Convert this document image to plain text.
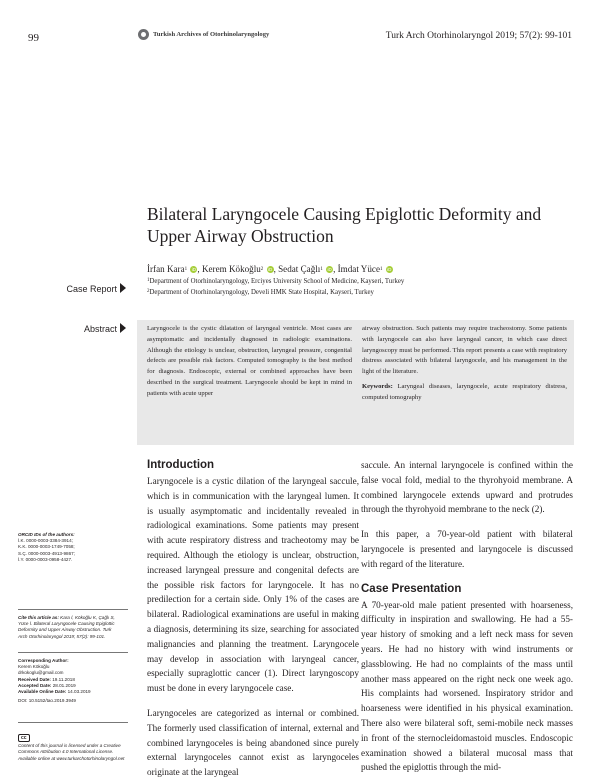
99	Turkish Archives of Otorhinolaryngology	Turk Arch Otorhinolaryngol 2019; 57(2): 99-101
Bilateral Laryngocele Causing Epiglottic Deformity and Upper Airway Obstruction
İrfan Kara$^1$ iD, Kerem Kökoğlu$^2$ iD, Sedat Çağlı$^1$ iD, İmdat Yüce$^1$ iD
$^1$Department of Otorhinolaryngology, Erciyes University School of Medicine, Kayseri, Turkey
$^2$Department of Otorhinolaryngology, Develi HMK State Hospital, Kayseri, Turkey
Case Report
Abstract	Laryngocele is the cystic dilatation of laryngeal ventricle. Most cases are asymptomatic and incidentally diagnosed in radiologic examinations. Although the etiology is unclear, obstruction, laryngeal pressure, congenital defects are possible risk factors. Computed tomography is the best method for diagnosis. Endoscopic, external or combined approaches have been described in the surgical treatment. Laryngocele should be kept in mind in patients with acute upper
airway obstruction. Such patients may require tracheostomy. Some patients with laryngocele can also have laryngeal cancer, in which case direct laryngoscopy must be performed. This report presents a case with respiratory distress associated with bilateral laryngocele, and his management in the light of the literature.
Keywords: Laryngeal diseases, laryngocele, acute respiratory distress, computed tomography

ORCID IDs of the authors:

İ.K. 0000-0003-3384-3914;

K.K. 0000-0003-1749-7058;

S.Ç. 0000-0003-4913-9867;

İ.Y. 0000-0003-0958-4427.

Cite this article as: Kara İ, Kökoğlu K, Çağlı S,

Yüce İ. Bilateral Laryngocele Causing Epiglottic

Deformity and Upper Airway Obstruction. Turk

Arch Otorhinolaryngol 2019; 57(2): 99-101.

Corresponding Author:

Kerem Kökoğlu

drkokoglu@gmail.com

Received Date: 19.11.2018

Accepted Date: 28.01.2019

Available Online Date: 14.03.2019

DOI: 10.5152/tao.2019.3949

cc

Content of this journal is licensed under a Creative

Commons Attribution 4.0 International License.

Available online at www.turkarchotorhinolaryngol.net

Introduction

Laryngocele is a cystic dilation of the laryngeal saccule, which is in communication with the laryngeal lumen. It is usually asymptomatic and incidentally revealed in radiological examinations. Some patients may present with acute respiratory distress and tracheotomy may be required. Although the etiology is unclear, obstruction, increased laryngeal pressure and congenital defects are the possible risk factors for laryngocele. It has no predilection for a certain side. Only 1% of the cases are bilateral. Radiological examinations are useful in making a diagnosis, determining its size, searching for associated malignancies and planning the treatment. Laryngocele may develop in association with laryngeal cancer, especially supraglottic cancer (1). Direct laryngoscopy must be done in every laryngocele case.

Laryngoceles are categorized as internal or combined. The formerly used classification of internal, external and combined laryngoceles is being abandoned since purely external laryngoceles cannot exist as laryngoceles originate at the laryngeal

saccule. An internal laryngocele is confined within the false vocal fold, medial to the thyrohyoid membrane. A combined laryngocele extends upward and protrudes through the thyrohyoid membrane to the neck (2).

In this paper, a 70-year-old patient with bilateral laryngocele is presented and laryngocele is discussed with regard of the literature.

Case Presentation

A 70-year-old male patient presented with hoarseness, difficulty in inspiration and swallowing. He had a 55-year history of smoking and a left neck mass for seven years. He had no history with wind instruments or glassblowing. He had no complaints of the mass until another mass appeared on the right neck one week ago. His complaints had worsened. Inspiratory stridor and hoarseness were identified in his physical examination. There also were bilateral soft, semi-mobile neck masses in front of the sternocleidomastoid muscles. Endoscopic examination showed a bilateral mucosal mass that pushed the epiglottis through the mid-
